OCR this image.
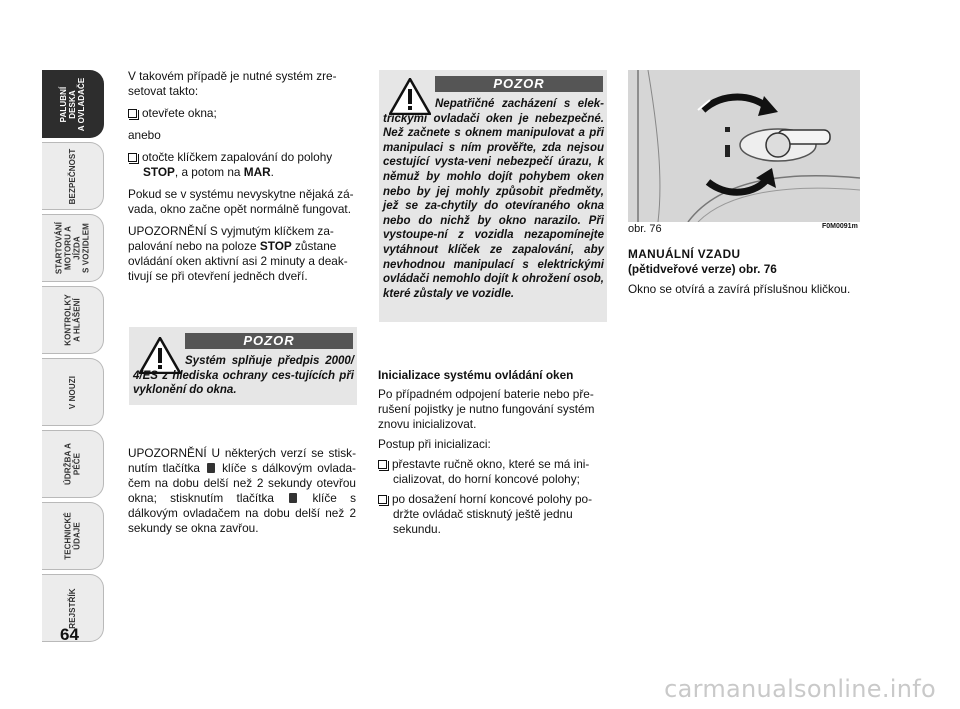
PALUBNÍ DESKA
A OVLADAČE
BEZPEČNOST
STARTOVÁNÍ
MOTORU A JÍZDA
S VOZIDLEM
KONTROLKY
A HLÁŠENÍ
V NOUZI
ÚDRŽBA A PÉČE
TECHNICKÉ ÚDAJE
REJSTŘÍK
64

V takovém případě je nutné systém zre-setovat takto:

otevřete okna;

anebo

otočte klíčkem zapalování do polohy STOP, a potom na MAR.

Pokud se v systému nevyskytne nějaká zá-vada, okno začne opět normálně fungovat.

UPOZORNĚNÍ S vyjmutým klíčkem za-palování nebo na poloze STOP zůstane ovládání oken aktivní asi 2 minuty a deak-tivují se při otevření jedněch dveří.

POZOR
Systém splňuje předpis 2000/ 4/ES z hlediska ochrany ces-tujících při vyklonění do okna.

UPOZORNĚNÍ U některých verzí se stisk-nutím tlačítka  klíče s dálkovým ovlada-čem na dobu delší než 2 sekundy otevřou okna; stisknutím tlačítka  klíče s dálkovým ovladačem na dobu delší než 2 sekundy se okna zavřou.

POZOR
Nepatřičné zacházení s elek-trickými ovladači oken je nebezpečné. Než začnete s oknem manipulovat a při manipulaci s ním prověřte, zda nejsou cestující vysta-veni nebezpečí úrazu, k němuž by mohlo dojít pohybem oken nebo by jej mohly způsobit předměty, jež se za-chytily do otevíraného okna nebo do nichž by okno narazilo. Při vystoupe-ní z vozidla nezapomínejte vytáhnout klíček ze zapalování, aby nevhodnou manipulací s elektrickými ovládači nemohlo dojít k ohrožení osob, které zůstaly ve vozidle.

Inicializace systému ovládání oken

Po případném odpojení baterie nebo pře-rušení pojistky je nutno fungování systém znovu inicializovat.

Postup při inicializaci:

přestavte ručně okno, které se má ini-cializovat, do horní koncové polohy;

po dosažení horní koncové polohy po-držte ovládač stisknutý ještě jednu sekundu.

obr. 76	F0M0091m

MANUÁLNÍ VZADU

(pětidveřové verze) obr. 76

Okno se otvírá a zavírá příslušnou kličkou.

carmanualsonline.info
